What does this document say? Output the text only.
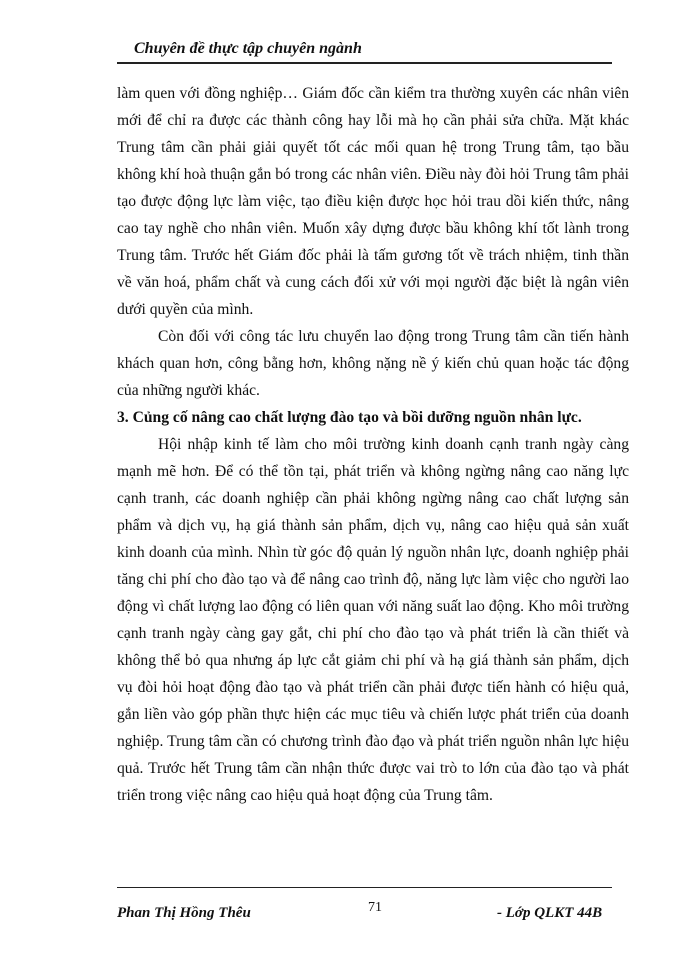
Chuyên đề thực tập chuyên ngành

làm quen với đồng nghiệp… Giám đốc cần kiểm tra thường xuyên các nhân viên mới để chỉ ra được các thành công hay lỗi mà họ cần phải sửa chữa. Mặt khác Trung tâm cần phải giải quyết tốt các mối quan hệ trong Trung tâm, tạo bầu không khí hoà thuận gắn bó trong các nhân viên. Điều này đòi hỏi Trung tâm phải tạo được động lực làm việc, tạo điều kiện được học hỏi trau dồi kiến thức, nâng cao tay nghề cho nhân viên. Muốn xây dựng được bầu không khí tốt lành trong Trung tâm. Trước hết Giám đốc phải là tấm gương tốt về trách nhiệm, tinh thần về văn hoá, phẩm chất và cung cách đối xử với mọi người đặc biệt là ngân viên dưới quyền của mình.

Còn đối với công tác lưu chuyển lao động trong Trung tâm cần tiến hành khách quan hơn, công bằng hơn, không nặng nề ý kiến chủ quan hoặc tác động của những người khác.

3. Củng cố nâng cao chất lượng đào tạo và bồi dưỡng nguồn nhân lực.

Hội nhập kinh tế làm cho môi trường kinh doanh cạnh tranh ngày càng mạnh mẽ hơn. Để có thể tồn tại, phát triển và không ngừng nâng cao năng lực cạnh tranh, các doanh nghiệp cần phải không ngừng nâng cao chất lượng sản phẩm và dịch vụ, hạ giá thành sản phẩm, dịch vụ, nâng cao hiệu quả sản xuất kinh doanh của mình. Nhìn từ góc độ quản lý nguồn nhân lực, doanh nghiệp phải tăng chi phí cho đào tạo và để nâng cao trình độ, năng lực làm việc cho người lao động vì chất lượng lao động có liên quan với năng suất lao động. Kho môi trường cạnh tranh ngày càng gay gắt, chi phí cho đào tạo và phát triển là cần thiết và không thể bỏ qua nhưng áp lực cắt giảm chi phí và hạ giá thành sản phẩm, dịch vụ đòi hỏi hoạt động đào tạo và phát triển cần phải được tiến hành có hiệu quả, gắn liền vào góp phần thực hiện các mục tiêu và chiến lược phát triển của doanh nghiệp. Trung tâm cần có chương trình đào đạo và phát triển nguồn nhân lực hiệu quả. Trước hết Trung tâm cần nhận thức được vai trò to lớn của đào tạo và phát triển trong việc nâng cao hiệu quả hoạt động của Trung tâm.

Phan Thị Hồng Thêu	71	- Lớp QLKT 44B
